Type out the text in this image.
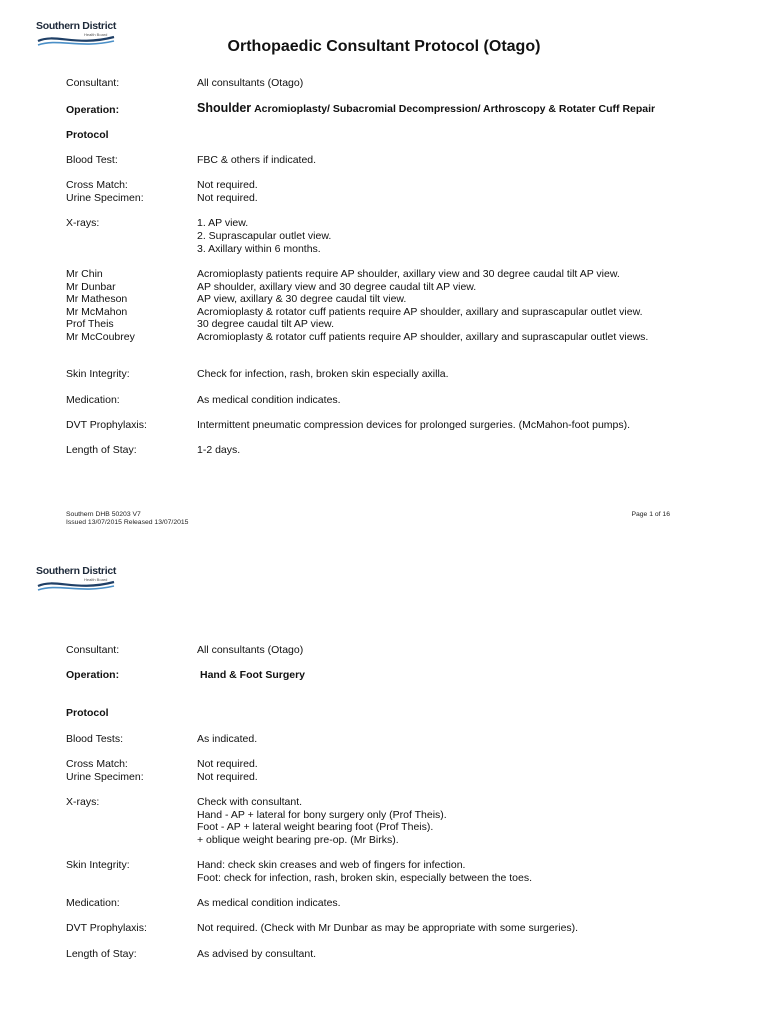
Southern District
Health Board
Orthopaedic Consultant Protocol (Otago)
Consultant:	All consultants (Otago)
Operation:	Shoulder Acromioplasty/ Subacromial Decompression/ Arthroscopy & Rotater Cuff Repair
Protocol
Blood Test:	FBC & others if indicated.
Cross Match:	Not required.
Urine Specimen:	Not required.
X-rays:	1. AP view.
2. Suprascapular outlet view.
3. Axillary within 6 months.
Mr Chin	Acromioplasty patients require AP shoulder, axillary view and 30 degree caudal tilt AP view.
Mr Dunbar	AP shoulder, axillary view and 30 degree caudal tilt AP view.
Mr Matheson	AP view, axillary & 30 degree caudal tilt view.
Mr McMahon	Acromioplasty & rotator cuff patients require AP shoulder, axillary and suprascapular outlet view.
Prof Theis	30 degree caudal tilt AP view.
Mr McCoubrey	Acromioplasty & rotator cuff patients require AP shoulder, axillary and suprascapular outlet views.
Skin Integrity:	Check for infection, rash, broken skin especially axilla.
Medication:	As medical condition indicates.
DVT Prophylaxis:	Intermittent pneumatic compression devices for prolonged surgeries. (McMahon-foot pumps).
Length of Stay:	1-2 days.
Southern DHB 50203 V7
Issued 13/07/2015 Released 13/07/2015
Page 1 of 16
Southern District
Health Board
Consultant:	All consultants (Otago)
Operation:	Hand & Foot Surgery
Protocol
Blood Tests:	As indicated.
Cross Match:	Not required.
Urine Specimen:	Not required.
X-rays:	Check with consultant.
Hand - AP + lateral for bony surgery only (Prof Theis).
Foot - AP + lateral weight bearing foot (Prof Theis).
+ oblique weight bearing pre-op. (Mr Birks).
Skin Integrity:	Hand: check skin creases and web of fingers for infection.
Foot: check for infection, rash, broken skin, especially between the toes.
Medication:	As medical condition indicates.
DVT Prophylaxis:	Not required. (Check with Mr Dunbar as may be appropriate with some surgeries).
Length of Stay:	As advised by consultant.
